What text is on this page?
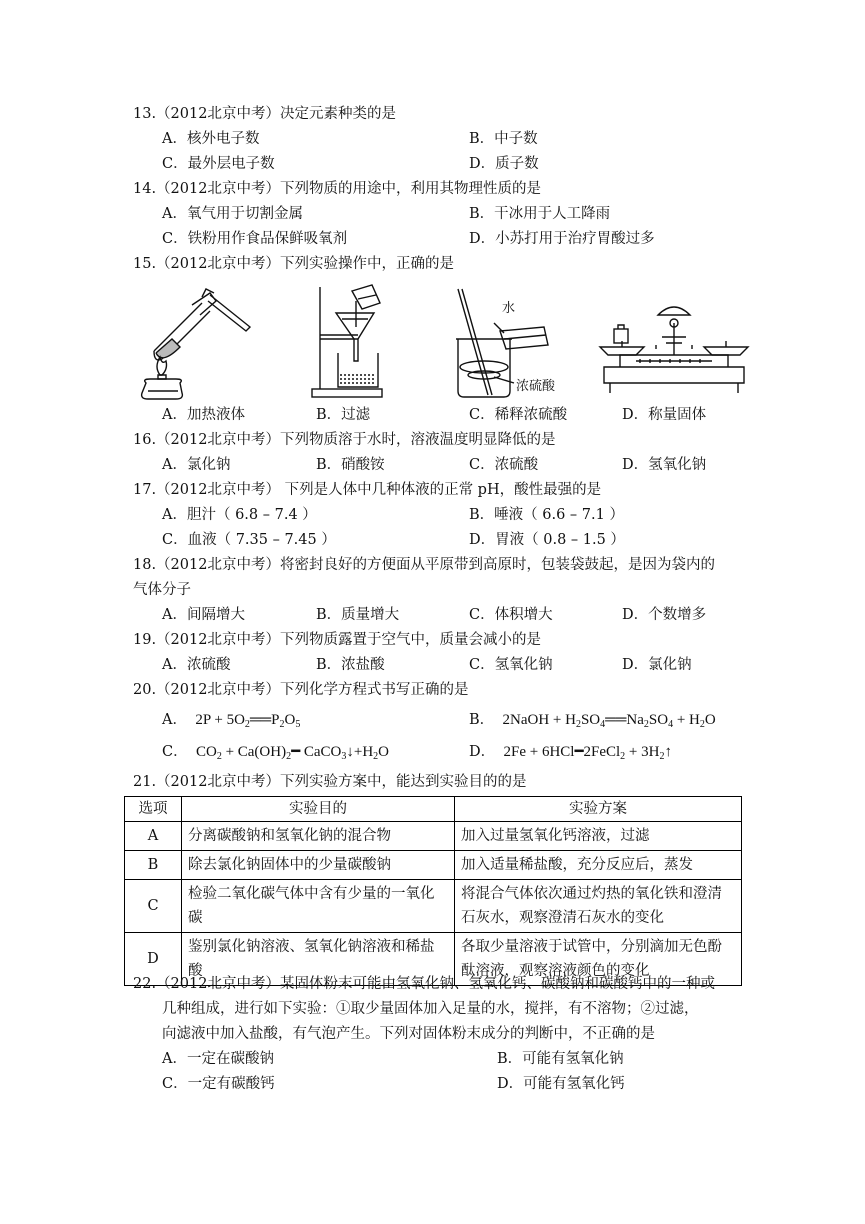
13.（2012北京中考）决定元素种类的是
A．核外电子数	B．中子数
C．最外层电子数	D．质子数
14.（2012北京中考）下列物质的用途中，利用其物理性质的是
A．氧气用于切割金属	B．干冰用于人工降雨
C．铁粉用作食品保鲜吸氧剂	D．小苏打用于治疗胃酸过多
15.（2012北京中考）下列实验操作中，正确的是
水
浓硫酸
A．加热液体	B．过滤	C．稀释浓硫酸	D．称量固体
16.（2012北京中考）下列物质溶于水时，溶液温度明显降低的是
A．氯化钠	B．硝酸铵	C．浓硫酸	D．氢氧化钠
17.（2012北京中考） 下列是人体中几种体液的正常 pH，酸性最强的是
A．胆汁（ 6.8 – 7.4 ）	B．唾液（ 6.6 – 7.1 ）
C．血液（ 7.35 – 7.45 ）	D．胃液（ 0.8 – 1.5 ）
18.（2012北京中考）将密封良好的方便面从平原带到高原时，包装袋鼓起，是因为袋内的
气体分子
A．间隔增大	B．质量增大	C．体积增大	D．个数增多
19.（2012北京中考）下列物质露置于空气中，质量会减小的是
A．浓硫酸	B．浓盐酸	C．氢氧化钠	D．氯化钠
20.（2012北京中考）下列化学方程式书写正确的是
A．  $2P + 5O_2══P_2O_5$	B．  2NaOH + $H_2SO_4══Na_2SO_4 + H_2O$
C．  $CO_2$ + $Ca(OH)_2━$ $CaCO_3↓+H_2O$	D．  2Fe + 6HCl━2FeCl$_2$ + $3H_2↑$
21.（2012北京中考）下列实验方案中，能达到实验目的的是
选项	实验目的	实验方案
A	分离碳酸钠和氢氧化钠的混合物	加入过量氢氧化钙溶液，过滤
B	除去氯化钠固体中的少量碳酸钠	加入适量稀盐酸，充分反应后，蒸发
C	检验二氧化碳气体中含有少量的一氧化碳	将混合气体依次通过灼热的氧化铁和澄清石灰水，观察澄清石灰水的变化
D	鉴别氯化钠溶液、氢氧化钠溶液和稀盐酸	各取少量溶液于试管中，分别滴加无色酚酞溶液，观察溶液颜色的变化
22.（2012北京中考）某固体粉末可能由氢氧化钠、氢氧化钙、碳酸钠和碳酸钙中的一种或
几种组成，进行如下实验：①取少量固体加入足量的水，搅拌，有不溶物；②过滤，
向滤液中加入盐酸，有气泡产生。下列对固体粉末成分的判断中，不正确的是
A．一定在碳酸钠	B．可能有氢氧化钠
C．一定有碳酸钙	D．可能有氢氧化钙
